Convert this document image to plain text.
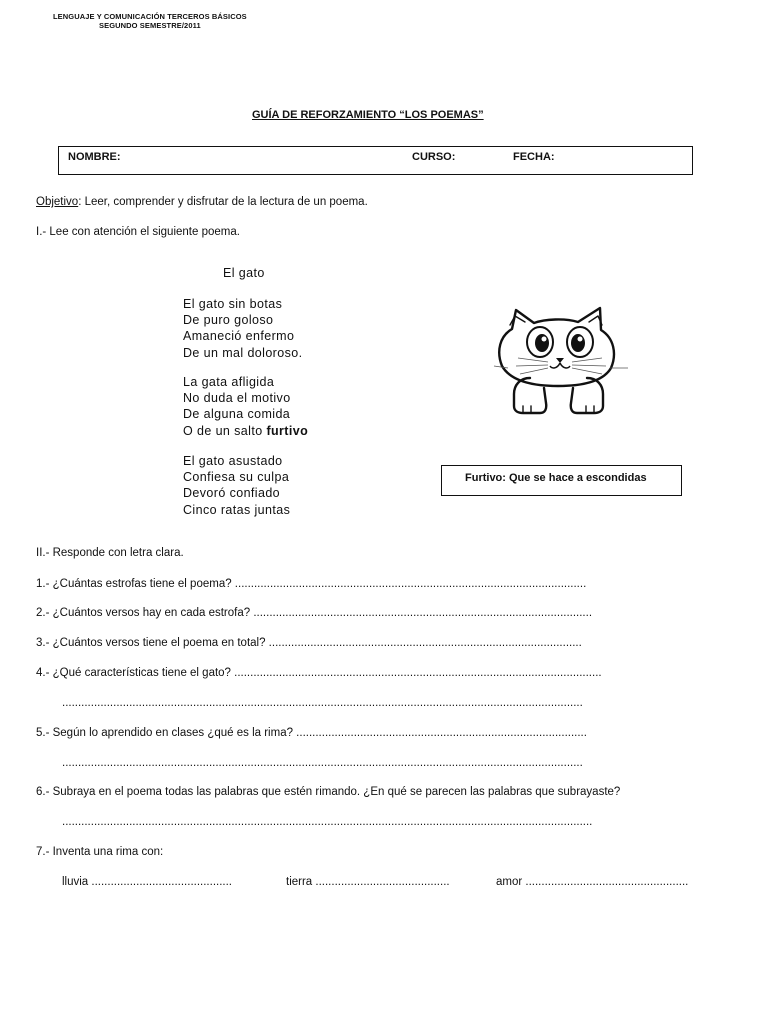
LENGUAJE Y COMUNICACIÓN TERCEROS BÁSICOS
SEGUNDO SEMESTRE/2011
GUÍA DE REFORZAMIENTO “LOS POEMAS”
NOMBRE:	CURSO:	FECHA:
Objetivo: Leer, comprender y disfrutar de la lectura de un poema.
I.- Lee con atención el siguiente poema.
El gato
El gato sin botas
De puro goloso
Amaneció enfermo
De un mal doloroso.
La gata afligida
No duda el motivo
De alguna comida
O de un salto furtivo
El gato asustado
Confiesa su culpa
Devoró confiado
Cinco ratas juntas
Furtivo: Que se hace a escondidas
II.- Responde con letra clara.
1.- ¿Cuántas estrofas tiene el poema? ..............................................................................................................
2.- ¿Cuántos versos hay en cada estrofa? ..........................................................................................................
3.- ¿Cuántos versos tiene el poema en total? ..................................................................................................
4.- ¿Qué características tiene el gato? ...................................................................................................................
...................................................................................................................................................................
5.- Según lo aprendido en clases ¿qué es la rima? ...........................................................................................
...................................................................................................................................................................
6.- Subraya en el poema todas las palabras que estén rimando. ¿En qué se parecen las palabras que subrayaste?
......................................................................................................................................................................
7.- Inventa una rima con:
lluvia ............................................	tierra ..........................................	amor ...................................................
